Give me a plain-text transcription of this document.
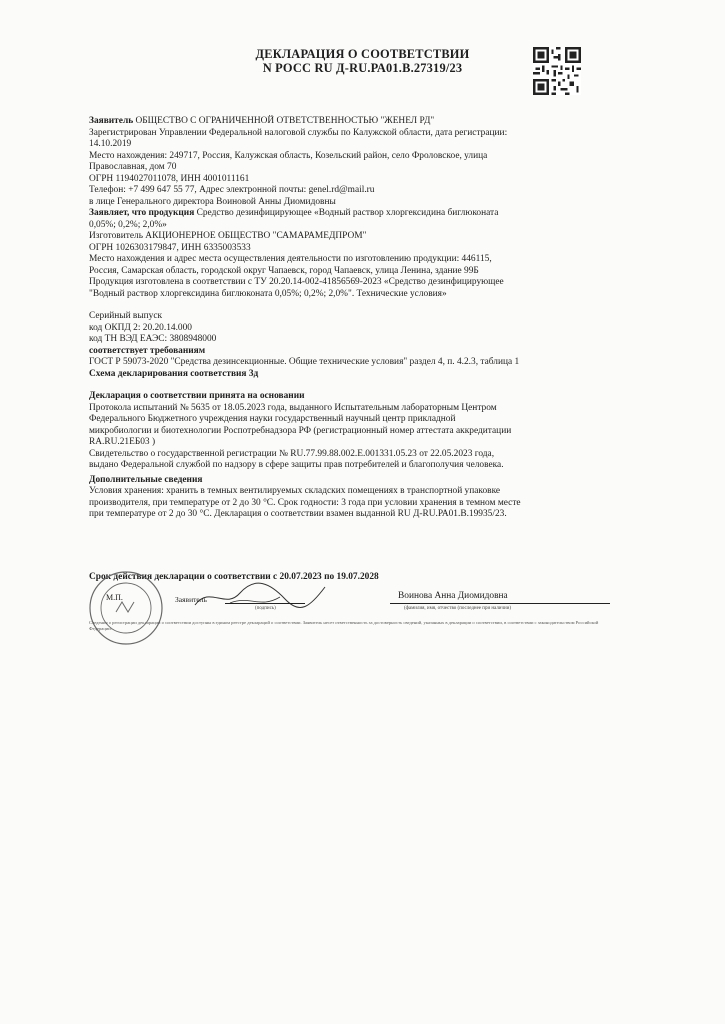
ДЕКЛАРАЦИЯ О СООТВЕТСТВИИ
N РОСС RU Д-RU.РА01.В.27319/23
Заявитель ОБЩЕСТВО С ОГРАНИЧЕННОЙ ОТВЕТСТВЕННОСТЬЮ "ЖЕНЕЛ РД"
Зарегистрирован Управлении Федеральной налоговой службы по Калужской области, дата регистрации:
14.10.2019
Место нахождения: 249717, Россия, Калужская область, Козельский район, село Фроловское, улица
Православная, дом 70
ОГРН 1194027011078, ИНН 4001011161
Телефон: +7 499 647 55 77, Адрес электронной почты: genel.rd@mail.ru
в лице Генерального директора Воиновой Анны Диомидовны
Заявляет, что продукция Средство дезинфицирующее «Водный раствор хлоргексидина биглюконата
0,05%; 0,2%; 2,0%»
Изготовитель АКЦИОНЕРНОЕ ОБЩЕСТВО "САМАРАМЕДПРОМ"
ОГРН 1026303179847, ИНН 6335003533
Место нахождения и адрес места осуществления деятельности по изготовлению продукции: 446115,
Россия, Самарская область, городской округ Чапаевск, город Чапаевск, улица Ленина, здание 99Б
Продукция изготовлена в соответствии с ТУ 20.20.14-002-41856569-2023 «Средство дезинфицирующее
"Водный раствор хлоргексидина биглюконата 0,05%; 0,2%; 2,0%". Технические условия»
Серийный выпуск
код ОКПД 2: 20.20.14.000
код ТН ВЭД ЕАЭС: 3808948000
соответствует требованиям
ГОСТ Р 59073-2020 "Средства дезинсекционные. Общие технические условия" раздел 4, п. 4.2.3, таблица 1
Схема декларирования соответствия 3д
Декларация о соответствии принята на основании
Протокола испытаний № 5635 от 18.05.2023 года, выданного Испытательным лабораторным Центром
Федерального Бюджетного учреждения науки государственный научный центр прикладной
микробиологии и биотехнологии Роспотребнадзора РФ (регистрационный номер аттестата аккредитации
RA.RU.21ЕБ03 )
Свидетельство о государственной регистрации № RU.77.99.88.002.Е.001331.05.23 от 22.05.2023 года,
выдано Федеральной службой по надзору в сфере защиты прав потребителей и благополучия человека.
Дополнительные сведения
Условия хранения: хранить в темных вентилируемых складских помещениях в транспортной упаковке
производителя, при температуре от 2 до 30 °С. Срок годности: 3 года при условии хранения в темном месте
при температуре от 2 до 30 °С. Декларация о соответствии взамен выданной RU Д-RU.РА01.В.19935/23.
Срок действия декларации о соответствии с 20.07.2023 по 19.07.2028
М.П.	Заявитель
(подпись)
Воинова Анна Диомидовна
(фамилия, имя, отчество (последнее при наличии)
Сведения о регистрации декларации о соответствии доступны в едином реестре деклараций о соответствии. Заявитель несет ответственность за достоверность сведений, указанных в декларации о соответствии, в соответствии с законодательством Российской Федерации.
